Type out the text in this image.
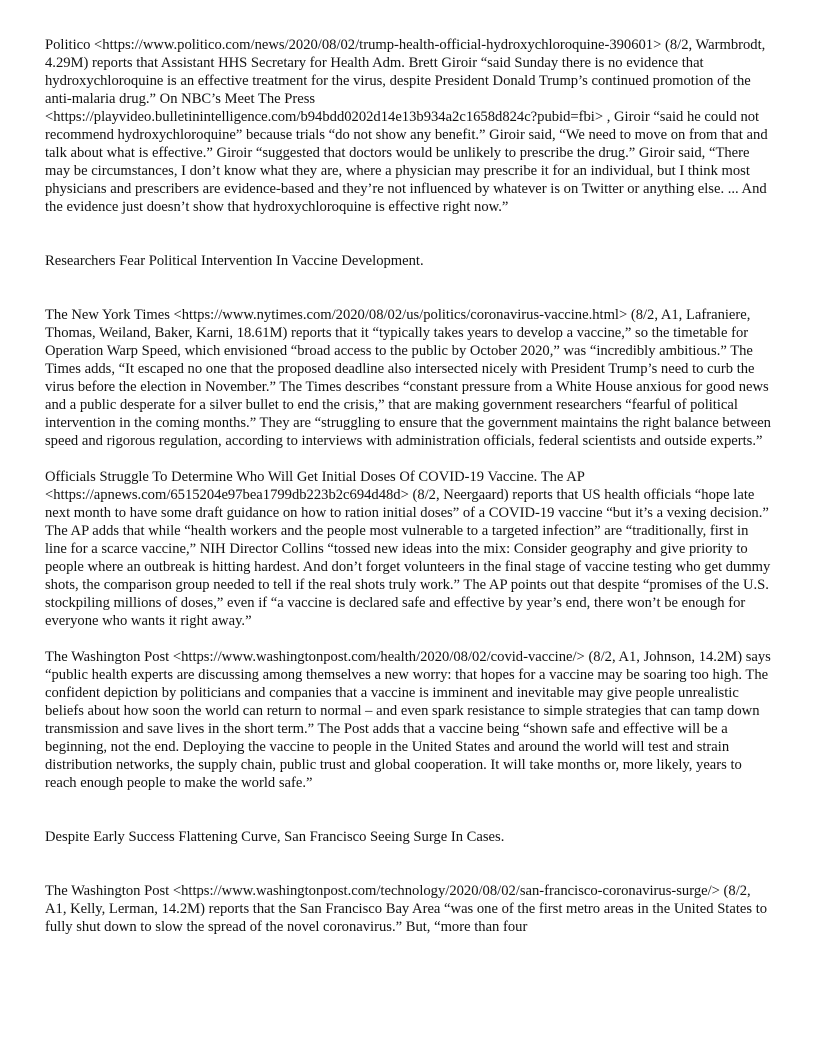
Politico <https://www.politico.com/news/2020/08/02/trump-health-official-hydroxychloroquine-390601> (8/2, Warmbrodt, 4.29M) reports that Assistant HHS Secretary for Health Adm. Brett Giroir “said Sunday there is no evidence that hydroxychloroquine is an effective treatment for the virus, despite President Donald Trump’s continued promotion of the anti-malaria drug.” On NBC’s Meet The Press <https://playvideo.bulletinintelligence.com/b94bdd0202d14e13b934a2c1658d824c?pubid=fbi> , Giroir “said he could not recommend hydroxychloroquine” because trials “do not show any benefit.” Giroir said, “We need to move on from that and talk about what is effective.” Giroir “suggested that doctors would be unlikely to prescribe the drug.” Giroir said, “There may be circumstances, I don’t know what they are, where a physician may prescribe it for an individual, but I think most physicians and prescribers are evidence-based and they’re not influenced by whatever is on Twitter or anything else. ... And the evidence just doesn’t show that hydroxychloroquine is effective right now.”

Researchers Fear Political Intervention In Vaccine Development.

The New York Times <https://www.nytimes.com/2020/08/02/us/politics/coronavirus-vaccine.html> (8/2, A1, Lafraniere, Thomas, Weiland, Baker, Karni, 18.61M) reports that it “typically takes years to develop a vaccine,” so the timetable for Operation Warp Speed, which envisioned “broad access to the public by October 2020,” was “incredibly ambitious.” The Times adds, “It escaped no one that the proposed deadline also intersected nicely with President Trump’s need to curb the virus before the election in November.” The Times describes “constant pressure from a White House anxious for good news and a public desperate for a silver bullet to end the crisis,” that are making government researchers “fearful of political intervention in the coming months.” They are “struggling to ensure that the government maintains the right balance between speed and rigorous regulation, according to interviews with administration officials, federal scientists and outside experts.”

Officials Struggle To Determine Who Will Get Initial Doses Of COVID-19 Vaccine. The AP <https://apnews.com/6515204e97bea1799db223b2c694d48d> (8/2, Neergaard) reports that US health officials “hope late next month to have some draft guidance on how to ration initial doses” of a COVID-19 vaccine “but it’s a vexing decision.” The AP adds that while “health workers and the people most vulnerable to a targeted infection” are “traditionally, first in line for a scarce vaccine,” NIH Director Collins “tossed new ideas into the mix: Consider geography and give priority to people where an outbreak is hitting hardest. And don’t forget volunteers in the final stage of vaccine testing who get dummy shots, the comparison group needed to tell if the real shots truly work.” The AP points out that despite “promises of the U.S. stockpiling millions of doses,” even if “a vaccine is declared safe and effective by year’s end, there won’t be enough for everyone who wants it right away.”

The Washington Post <https://www.washingtonpost.com/health/2020/08/02/covid-vaccine/> (8/2, A1, Johnson, 14.2M) says “public health experts are discussing among themselves a new worry: that hopes for a vaccine may be soaring too high. The confident depiction by politicians and companies that a vaccine is imminent and inevitable may give people unrealistic beliefs about how soon the world can return to normal – and even spark resistance to simple strategies that can tamp down transmission and save lives in the short term.” The Post adds that a vaccine being “shown safe and effective will be a beginning, not the end. Deploying the vaccine to people in the United States and around the world will test and strain distribution networks, the supply chain, public trust and global cooperation. It will take months or, more likely, years to reach enough people to make the world safe.”

Despite Early Success Flattening Curve, San Francisco Seeing Surge In Cases.

The Washington Post <https://www.washingtonpost.com/technology/2020/08/02/san-francisco-coronavirus-surge/> (8/2, A1, Kelly, Lerman, 14.2M) reports that the San Francisco Bay Area “was one of the first metro areas in the United States to fully shut down to slow the spread of the novel coronavirus.” But, “more than four
